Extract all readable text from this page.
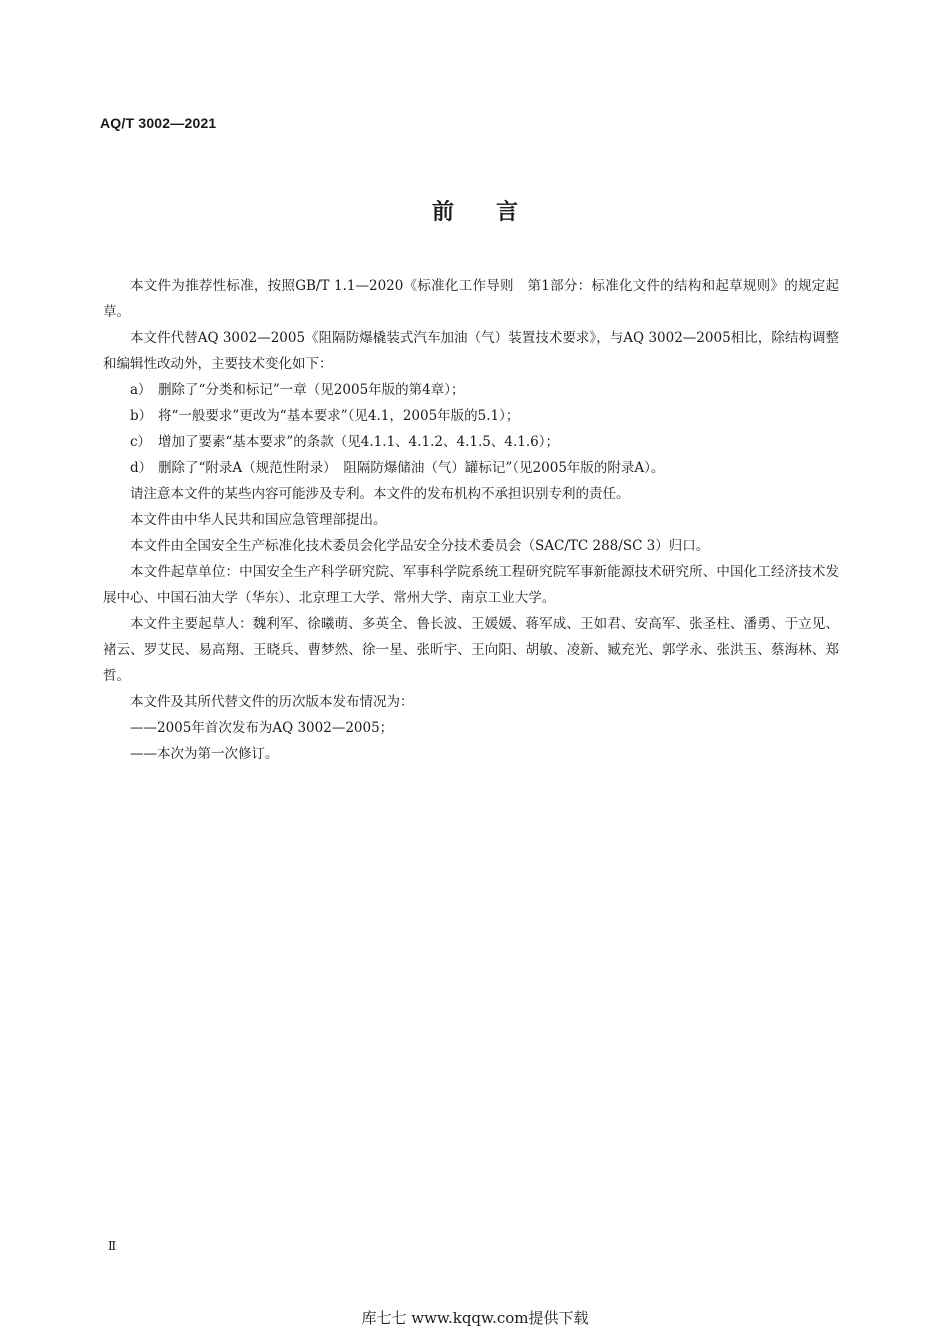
AQ/T 3002—2021
前言

本文件为推荐性标准，按照GB/T 1.1—2020《标准化工作导则　第1部分：标准化文件的结构和起草规则》的规定起草。

本文件代替AQ 3002—2005《阻隔防爆橇装式汽车加油（气）装置技术要求》，与AQ 3002—2005相比，除结构调整和编辑性改动外，主要技术变化如下：

a） 删除了“分类和标记”一章（见2005年版的第4章）；
b） 将“一般要求”更改为“基本要求”（见4.1，2005年版的5.1）；
c） 增加了要素“基本要求”的条款（见4.1.1、4.1.2、4.1.5、4.1.6）；
d） 删除了“附录A（规范性附录）　阻隔防爆储油（气）罐标记”（见2005年版的附录A）。

请注意本文件的某些内容可能涉及专利。本文件的发布机构不承担识别专利的责任。

本文件由中华人民共和国应急管理部提出。

本文件由全国安全生产标准化技术委员会化学品安全分技术委员会（SAC/TC 288/SC 3）归口。

本文件起草单位：中国安全生产科学研究院、军事科学院系统工程研究院军事新能源技术研究所、中国化工经济技术发展中心、中国石油大学（华东）、北京理工大学、常州大学、南京工业大学。

本文件主要起草人：魏利军、徐曦萌、多英全、鲁长波、王媛媛、蒋军成、王如君、安高军、张圣柱、潘勇、于立见、褚云、罗艾民、易高翔、王晓兵、曹梦然、徐一星、张昕宇、王向阳、胡敏、凌新、臧充光、郭学永、张洪玉、蔡海林、郑哲。

本文件及其所代替文件的历次版本发布情况为：

——2005年首次发布为AQ 3002—2005；

——本次为第一次修订。

Ⅱ
库七七 www.kqqw.com提供下载
